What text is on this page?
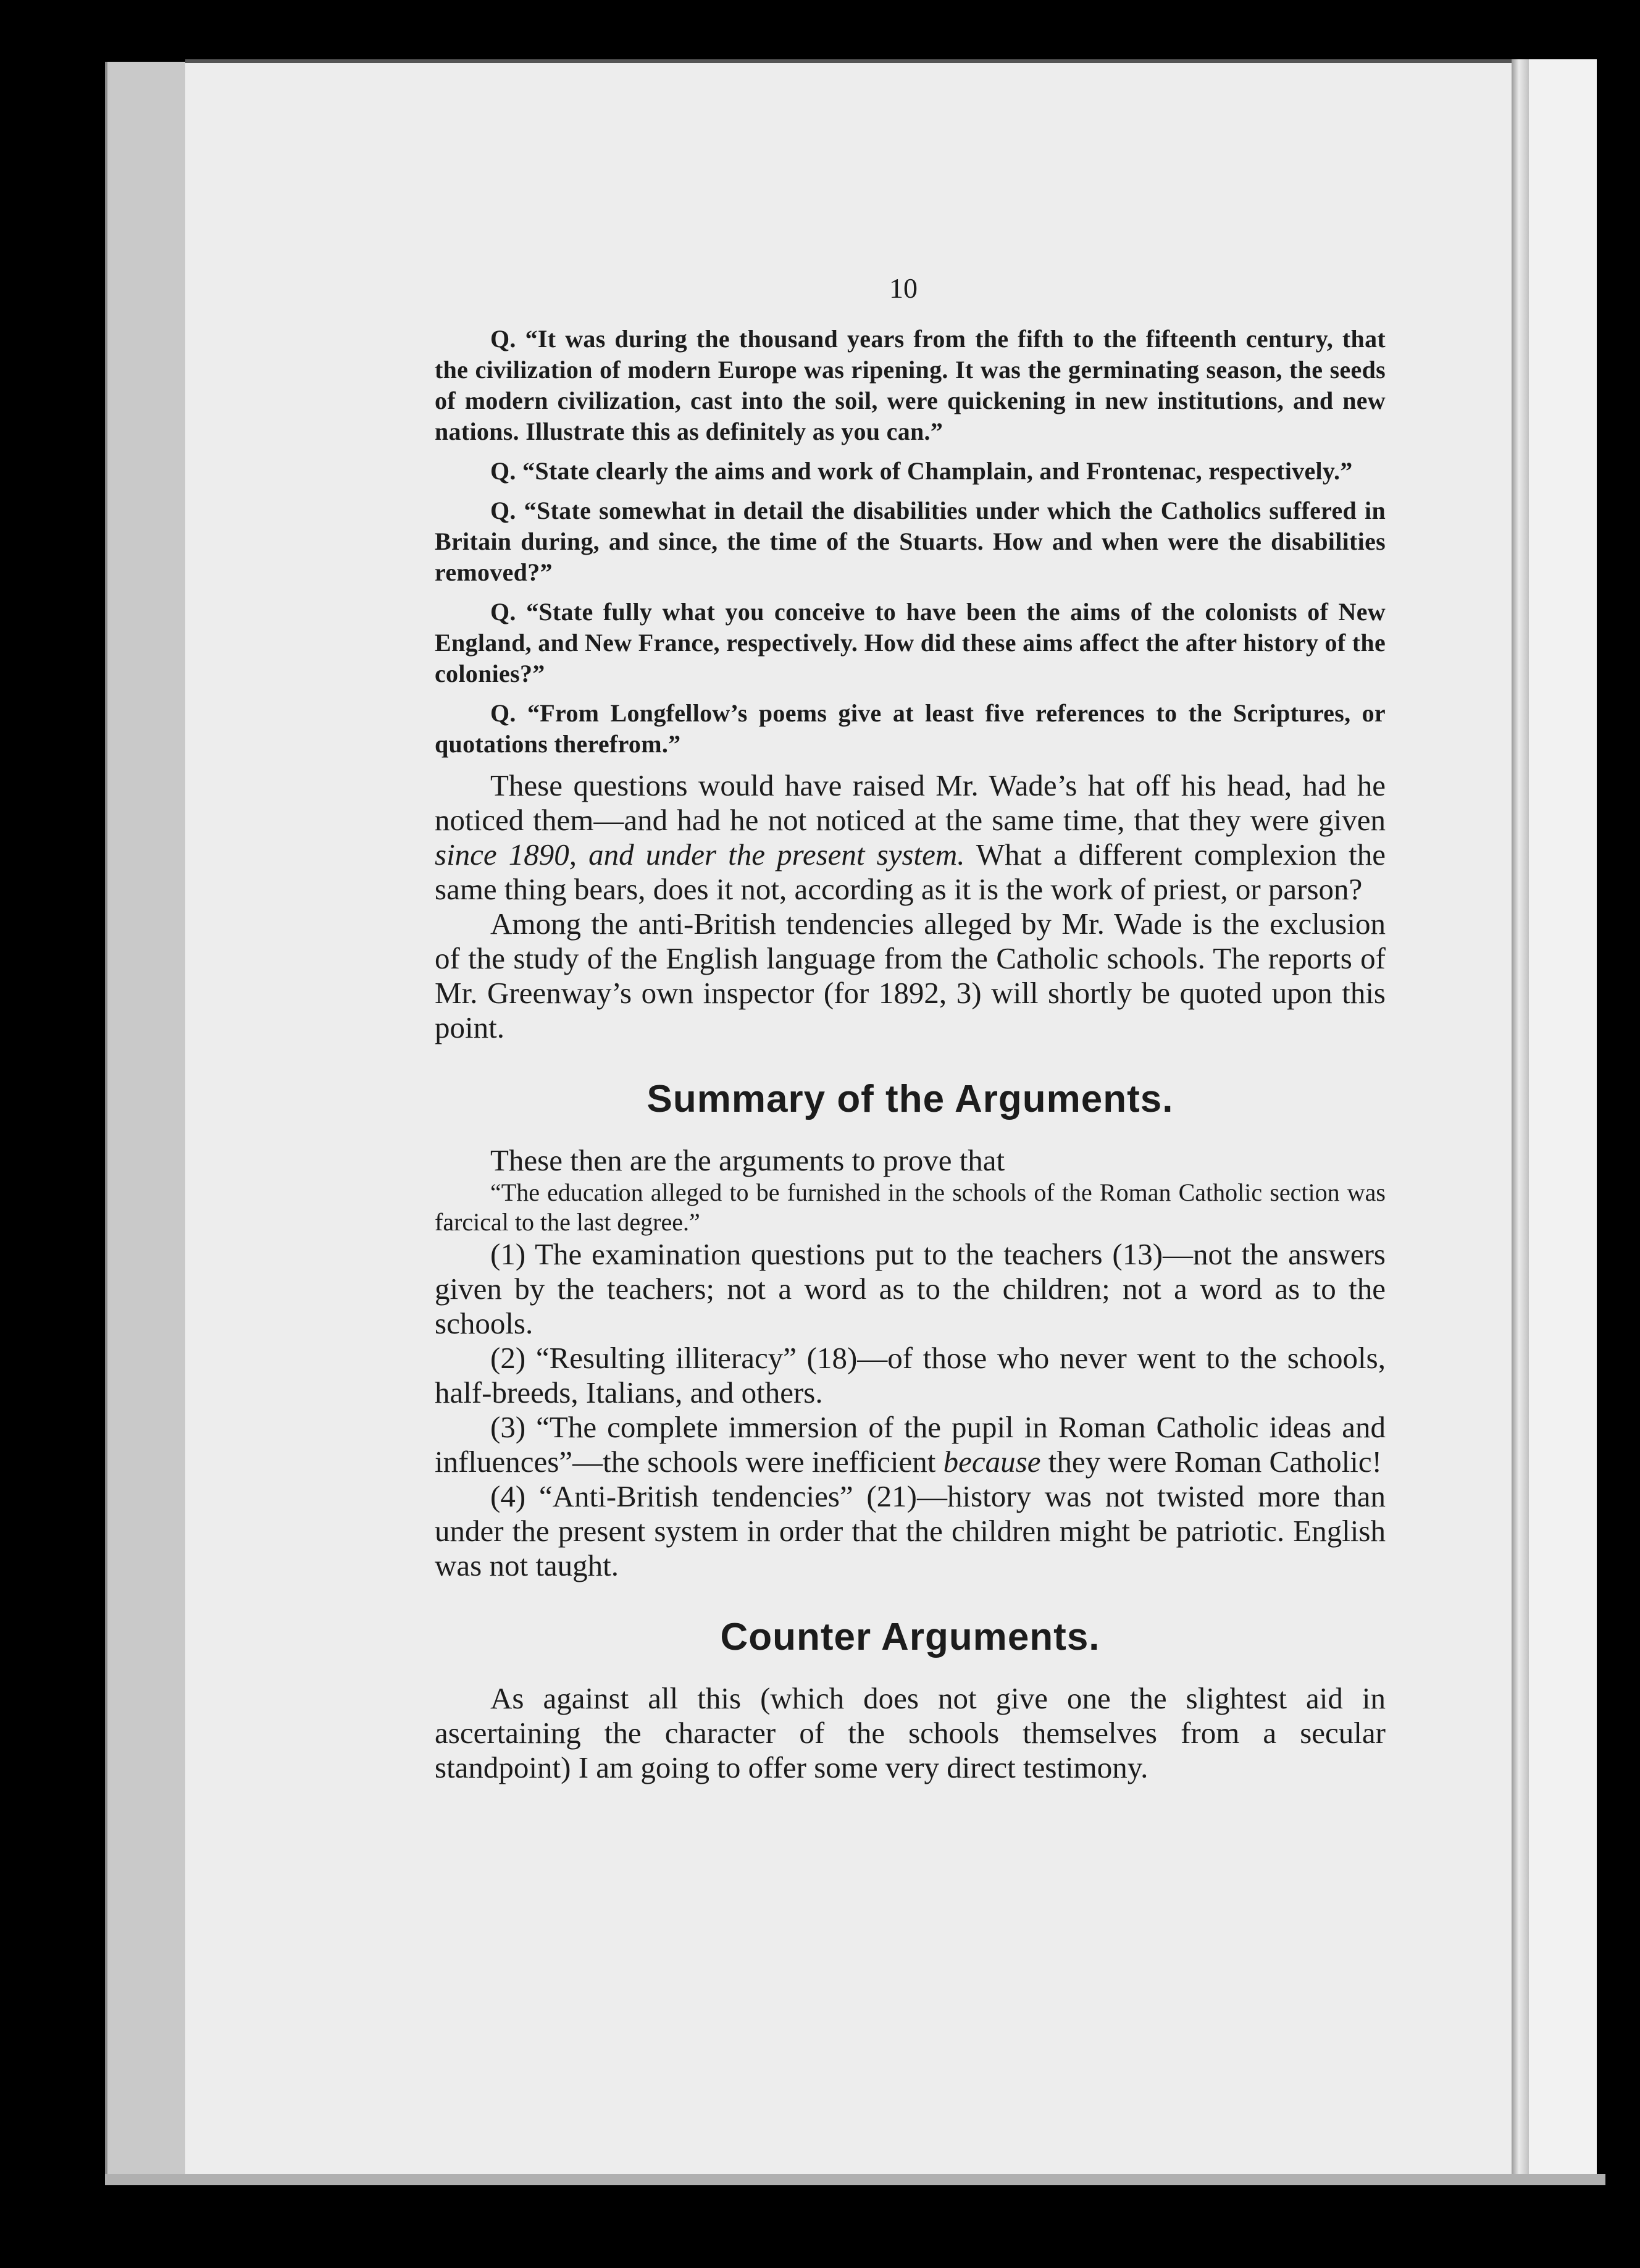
10

Q. “It was during the thousand years from the fifth to the fifteenth century, that the civilization of modern Europe was ripening. It was the germinating season, the seeds of modern civilization, cast into the soil, were quickening in new institutions, and new nations. Illustrate this as definitely as you can.”

Q. “State clearly the aims and work of Champlain, and Frontenac, respectively.”

Q. “State somewhat in detail the disabilities under which the Catholics suffered in Britain during, and since, the time of the Stuarts. How and when were the disabilities removed?”

Q. “State fully what you conceive to have been the aims of the colonists of New England, and New France, respectively. How did these aims affect the after history of the colonies?”

Q. “From Longfellow’s poems give at least five references to the Scriptures, or quotations therefrom.”

These questions would have raised Mr. Wade’s hat off his head, had he noticed them—and had he not noticed at the same time, that they were given since 1890, and under the present system. What a different complexion the same thing bears, does it not, according as it is the work of priest, or parson?

Among the anti-British tendencies alleged by Mr. Wade is the exclusion of the study of the English language from the Catholic schools. The reports of Mr. Greenway’s own inspector (for 1892, 3) will shortly be quoted upon this point.

Summary of the Arguments.

These then are the arguments to prove that

“The education alleged to be furnished in the schools of the Roman Catholic section was farcical to the last degree.”

(1) The examination questions put to the teachers (13)—not the answers given by the teachers; not a word as to the children; not a word as to the schools.

(2) “Resulting illiteracy” (18)—of those who never went to the schools, half-breeds, Italians, and others.

(3) “The complete immersion of the pupil in Roman Catholic ideas and influences”—the schools were inefficient because they were Roman Catholic!

(4) “Anti-British tendencies” (21)—history was not twisted more than under the present system in order that the children might be patriotic. English was not taught.

Counter Arguments.

As against all this (which does not give one the slightest aid in ascertaining the character of the schools themselves from a secular standpoint) I am going to offer some very direct testimony.
